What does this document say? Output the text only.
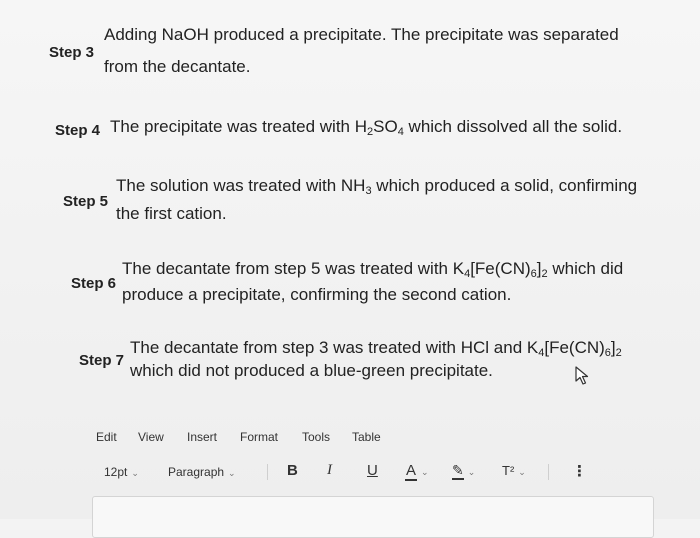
Step 3
Adding NaOH produced a precipitate. The precipitate was separated
from the decantate.
Step 4 The precipitate was treated with $H_2SO_4$ which dissolved all the solid.
Step 5
The solution was treated with $NH_3$ which produced a solid, confirming
the first cation.
Step 6
The decantate from step 5 was treated with $K_4[Fe(CN)_6]_2$ which did
produce a precipitate, confirming the second cation.
Step 7
The decantate from step 3 was treated with HCl and $K_4[Fe(CN)_6]_2$
which did not produced a blue-green precipitate.
Edit View Insert Format Tools Table
12pt ⌄ Paragraph ⌄	B I U A ⌄ ✎ ⌄ T² ⌄	⋮
